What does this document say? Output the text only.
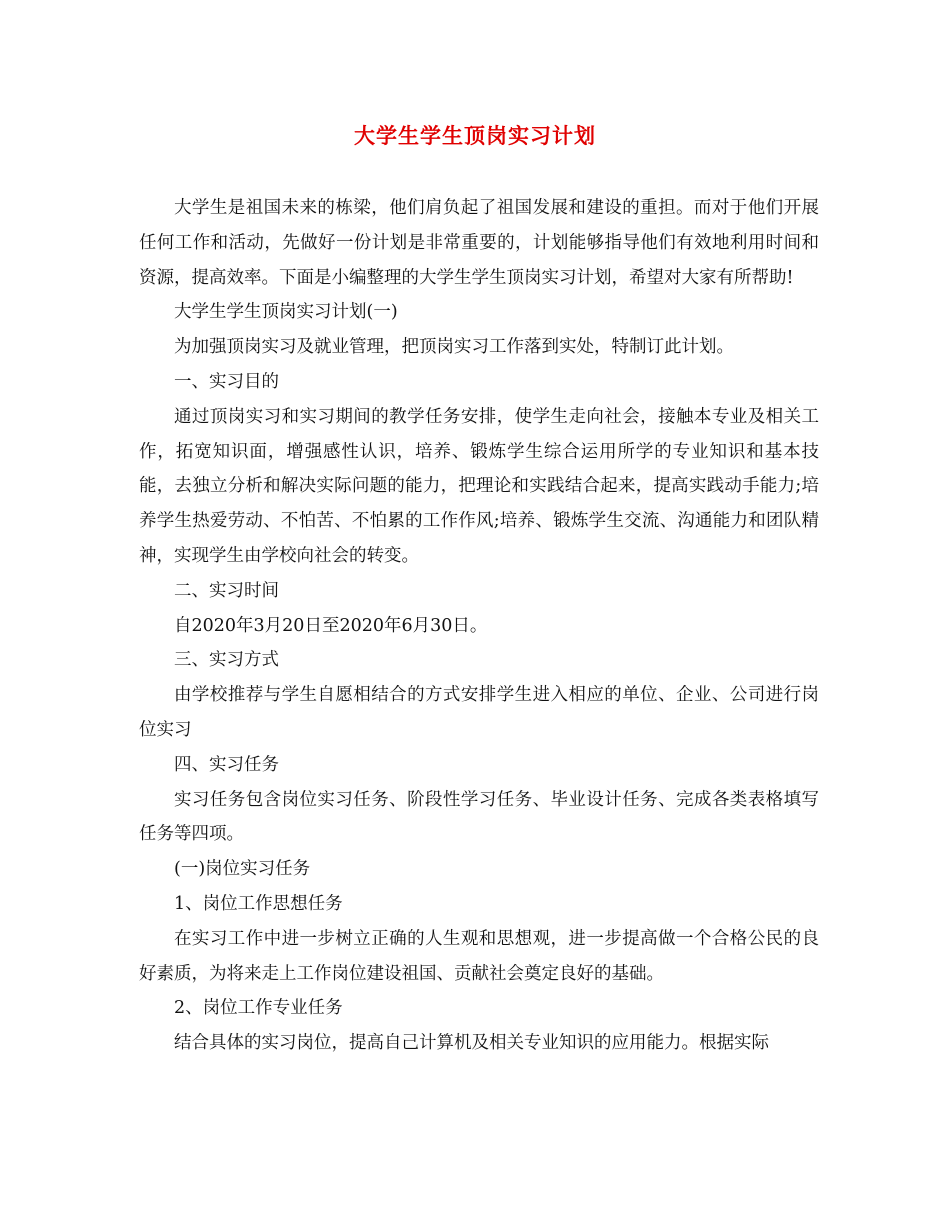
大学生学生顶岗实习计划

大学生是祖国未来的栋梁，他们肩负起了祖国发展和建设的重担。而对于他们开展任何工作和活动，先做好一份计划是非常重要的，计划能够指导他们有效地利用时间和资源，提高效率。下面是小编整理的大学生学生顶岗实习计划，希望对大家有所帮助!

大学生学生顶岗实习计划(一)

为加强顶岗实习及就业管理，把顶岗实习工作落到实处，特制订此计划。

一、实习目的

通过顶岗实习和实习期间的教学任务安排，使学生走向社会，接触本专业及相关工作，拓宽知识面，增强感性认识，培养、锻炼学生综合运用所学的专业知识和基本技能，去独立分析和解决实际问题的能力，把理论和实践结合起来，提高实践动手能力;培养学生热爱劳动、不怕苦、不怕累的工作作风;培养、锻炼学生交流、沟通能力和团队精神，实现学生由学校向社会的转变。

二、实习时间

自2020年3月20日至2020年6月30日。

三、实习方式

由学校推荐与学生自愿相结合的方式安排学生进入相应的单位、企业、公司进行岗位实习

四、实习任务

实习任务包含岗位实习任务、阶段性学习任务、毕业设计任务、完成各类表格填写任务等四项。

(一)岗位实习任务

1、岗位工作思想任务

在实习工作中进一步树立正确的人生观和思想观，进一步提高做一个合格公民的良好素质，为将来走上工作岗位建设祖国、贡献社会奠定良好的基础。

2、岗位工作专业任务

结合具体的实习岗位，提高自己计算机及相关专业知识的应用能力。根据实际
